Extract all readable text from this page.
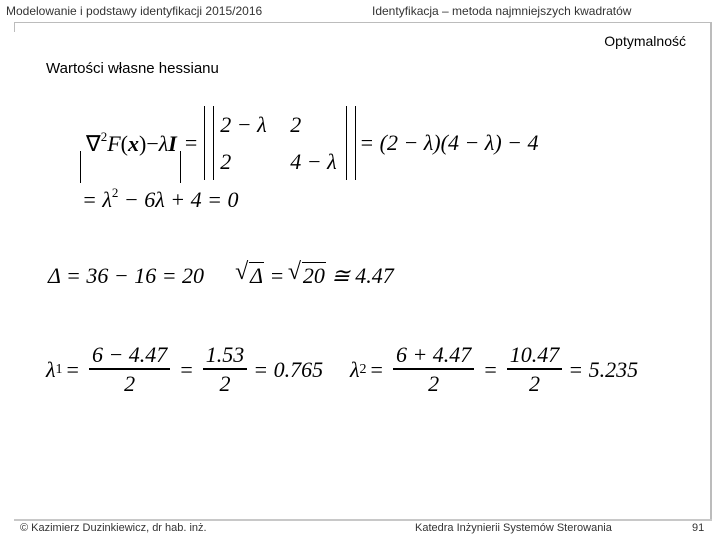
Modelowanie i podstawy identyfikacji 2015/2016	Identyfikacja – metoda najmniejszych kwadratów
Optymalność
Wartości własne hessianu
∇$^2$F(x)−λI =
2 − λ	2
2	4 − λ
= (2 − λ)(4 − λ) − 4
= $\lambda^2 - 6\lambda + 4 = 0$
Δ = 36 − 16 = 20  √ Δ = √ 20 ≅ 4.47
λ $1 = \frac{6 - 4.47}{2} = \frac{1.53}{2} = 0.765$ λ $2 = \frac{6 + 4.47}{2} = \frac{10.47}{2} = 5.235$
© Kazimierz Duzinkiewicz, dr hab. inż.	Katedra Inżynierii Systemów Sterowania	91
